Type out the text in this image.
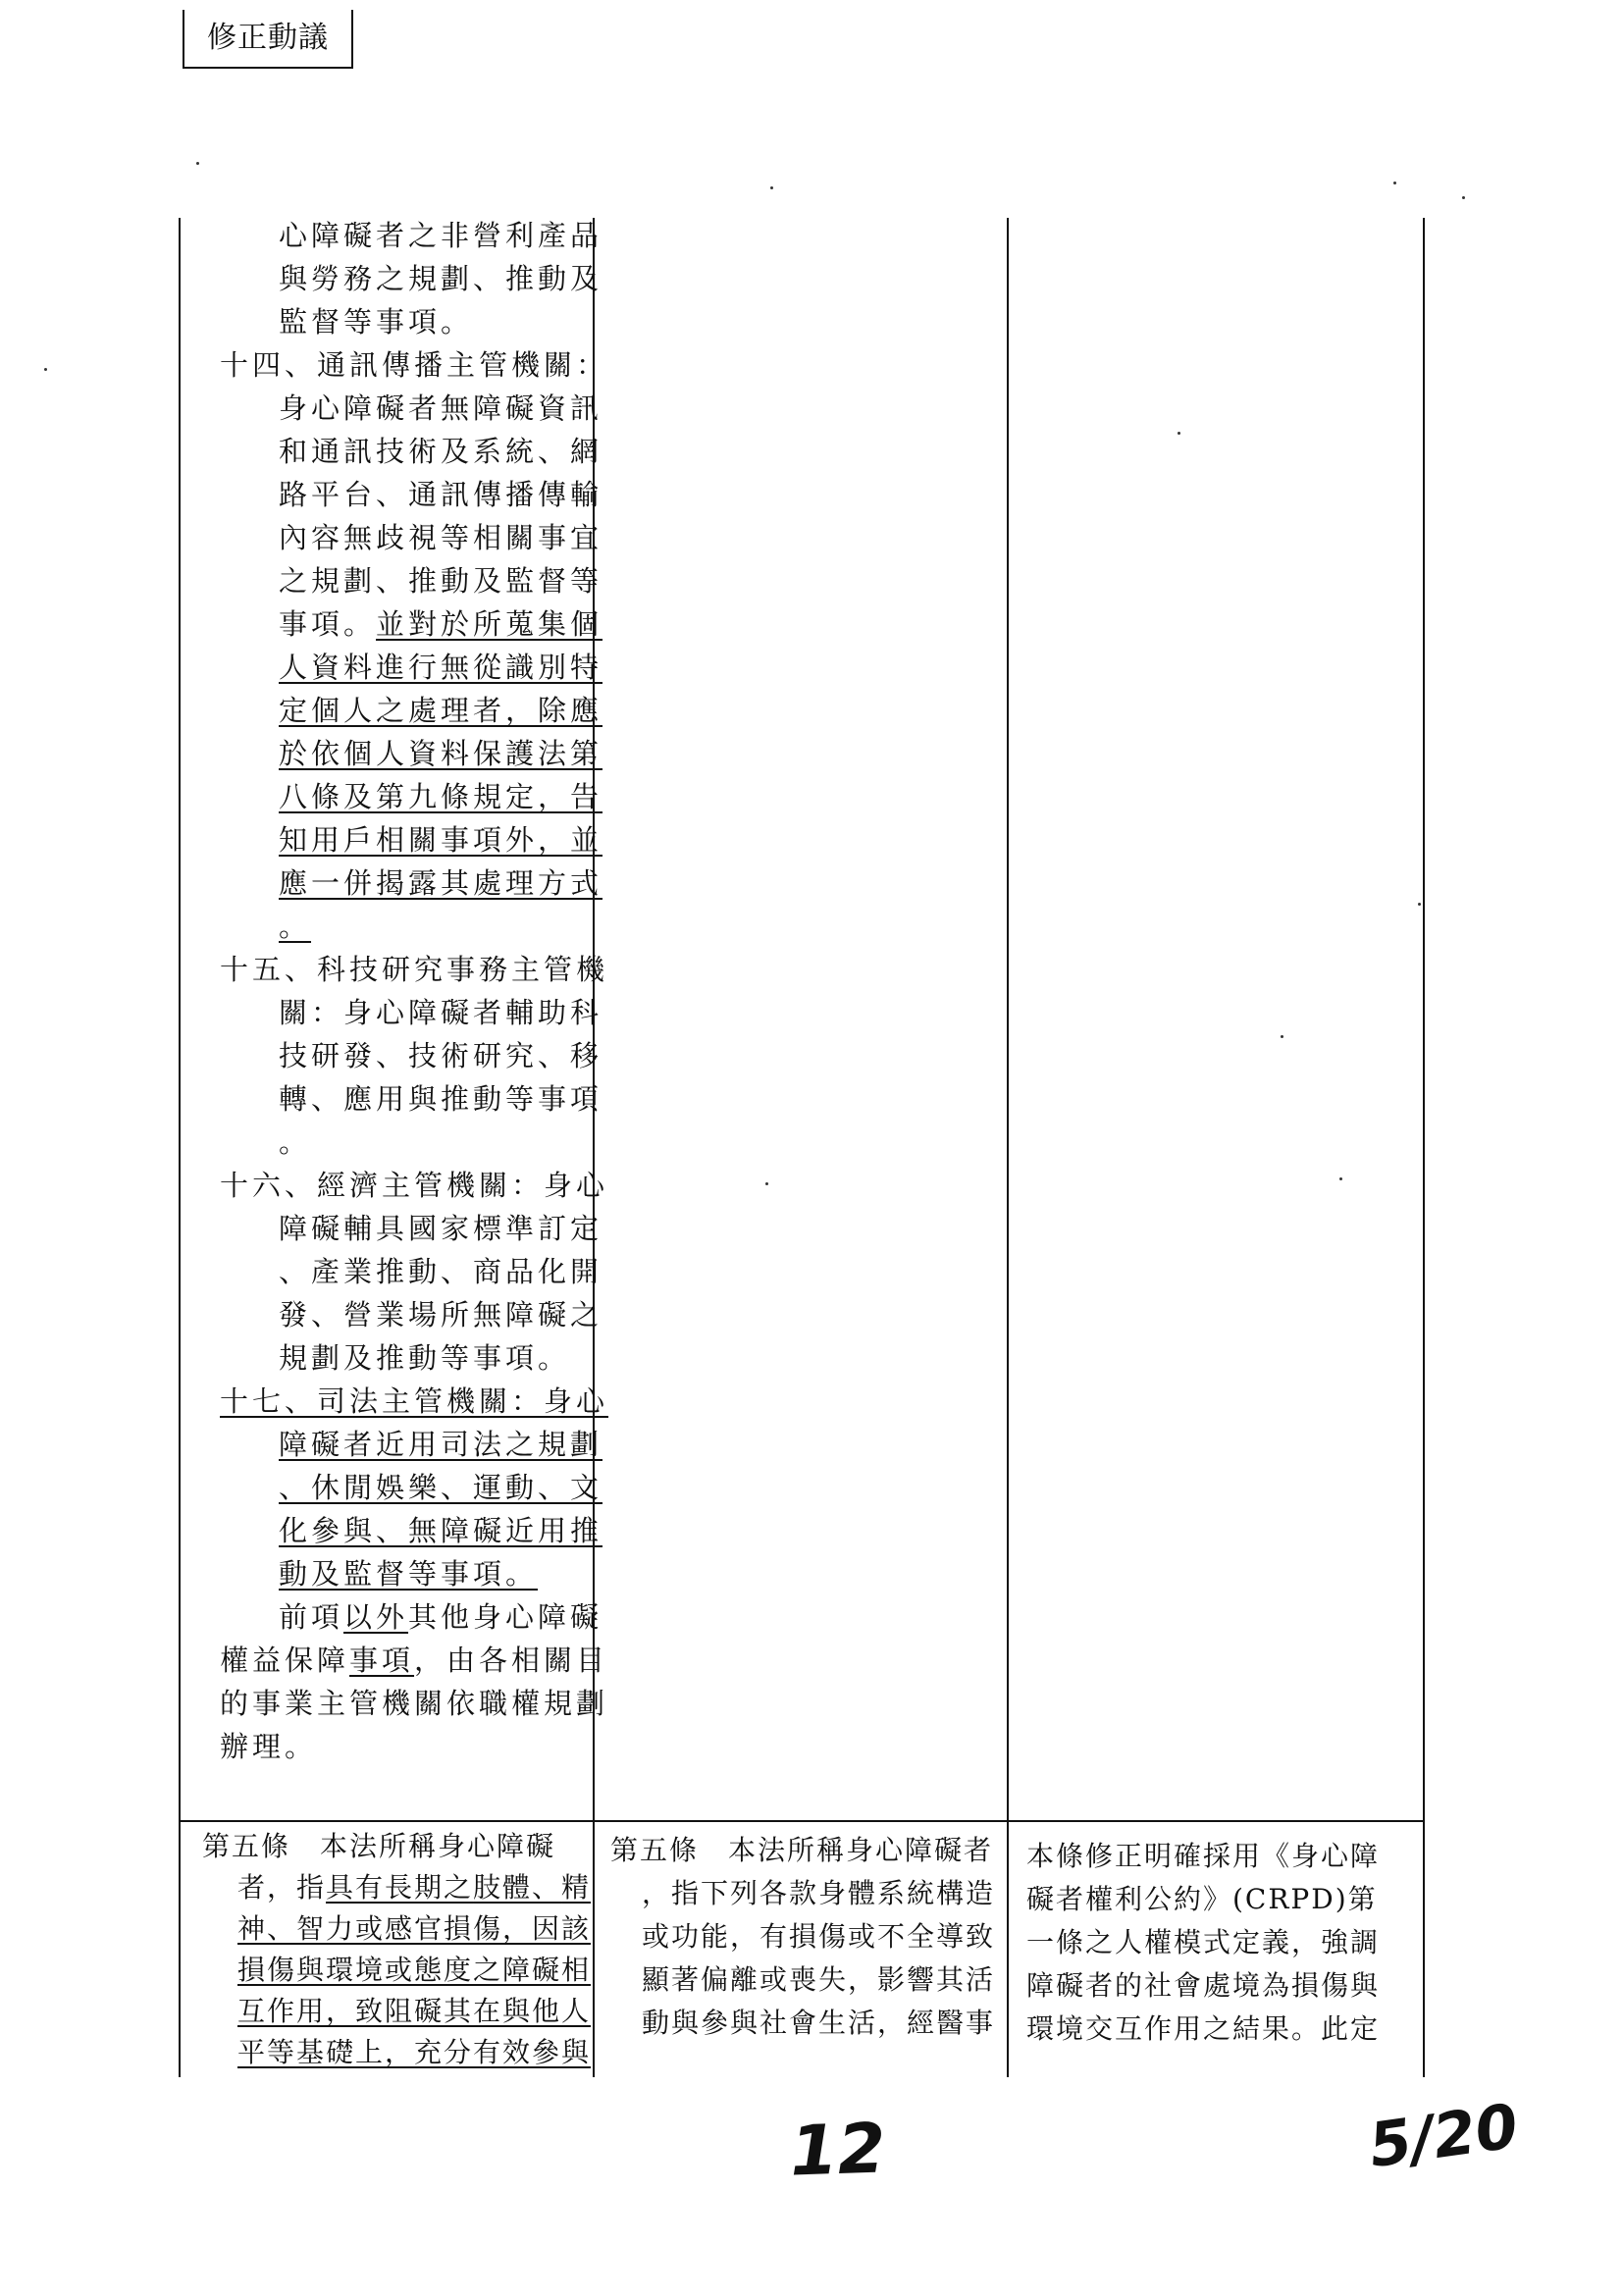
修正動議
心障礙者之非營利產品
與勞務之規劃、推動及
監督等事項。
十四、通訊傳播主管機關：
身心障礙者無障礙資訊
和通訊技術及系統、網
路平台、通訊傳播傳輸
內容無歧視等相關事宜
之規劃、推動及監督等
事項。並對於所蒐集個
人資料進行無從識別特
定個人之處理者，除應
於依個人資料保護法第
八條及第九條規定，告
知用戶相關事項外，並
應一併揭露其處理方式
。
十五、科技研究事務主管機
關：身心障礙者輔助科
技研發、技術研究、移
轉、應用與推動等事項
。
十六、經濟主管機關：身心
障礙輔具國家標準訂定
、產業推動、商品化開
發、營業場所無障礙之
規劃及推動等事項。
十七、司法主管機關：身心
障礙者近用司法之規劃
、休閒娛樂、運動、文
化參與、無障礙近用推
動及監督等事項。
前項以外其他身心障礙
權益保障事項，由各相關目
的事業主管機關依職權規劃
辦理。
第五條　本法所稱身心障礙
者，指具有長期之肢體、精
神、智力或感官損傷，因該
損傷與環境或態度之障礙相
互作用，致阻礙其在與他人
平等基礎上，充分有效參與
第五條　本法所稱身心障礙者
，指下列各款身體系統構造
或功能，有損傷或不全導致
顯著偏離或喪失，影響其活
動與參與社會生活，經醫事
本條修正明確採用《身心障
礙者權利公約》(CRPD)第
一條之人權模式定義，強調
障礙者的社會處境為損傷與
環境交互作用之結果。此定
12	5/20
